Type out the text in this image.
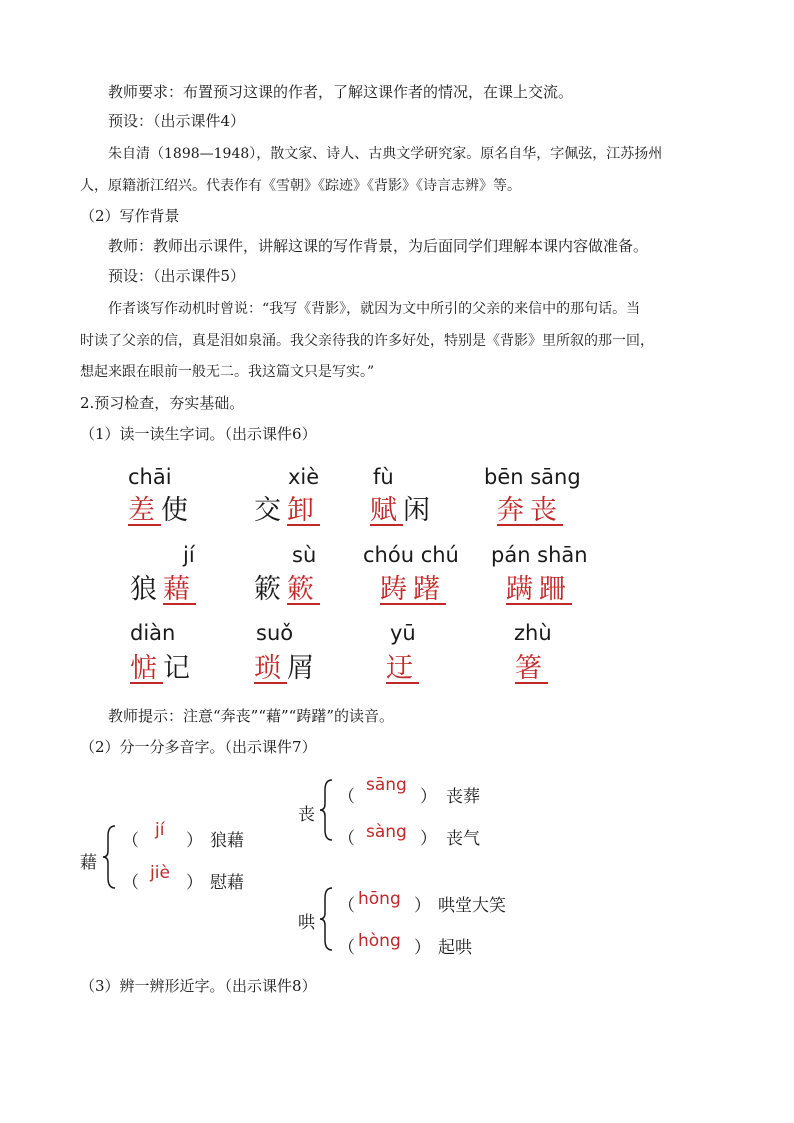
教师要求：布置预习这课的作者，了解这课作者的情况，在课上交流。
预设：（出示课件4）
朱自清（1898—1948），散文家、诗人、古典文学研究家。原名自华，字佩弦，江苏扬州
人，原籍浙江绍兴。代表作有《雪朝》《踪迹》《背影》《诗言志辨》等。
（2）写作背景
教师：教师出示课件，讲解这课的写作背景，为后面同学们理解本课内容做准备。
预设：（出示课件5）
作者谈写作动机时曾说：“我写《背影》，就因为文中所引的父亲的来信中的那句话。当
时读了父亲的信，真是泪如泉涌。我父亲待我的许多好处，特别是《背影》里所叙的那一回，
想起来跟在眼前一般无二。我这篇文只是写实。”
2.预习检查，夯实基础。
（1）读一读生字词。（出示课件6）
chāi
差使
xiè
交卸
fù
赋闲
bēn sāng
奔丧
jí
狼藉
sù
簌簌
chóu chú
踌躇
pán shān
蹒跚
diàn
惦记
suǒ
琐屑
yū
迂
zhù
箸
教师提示：注意“奔丧”“藉”“踌躇”的读音。
（2）分一分多音字。（出示课件7）
丧
（
sāng
） 丧葬
（ sàng ） 丧气
藉
（
jí
） 狼藉
（ jiè ） 慰藉
哄
（ hōng ） 哄堂大笑
（ hòng ） 起哄
（3）辨一辨形近字。（出示课件8）
